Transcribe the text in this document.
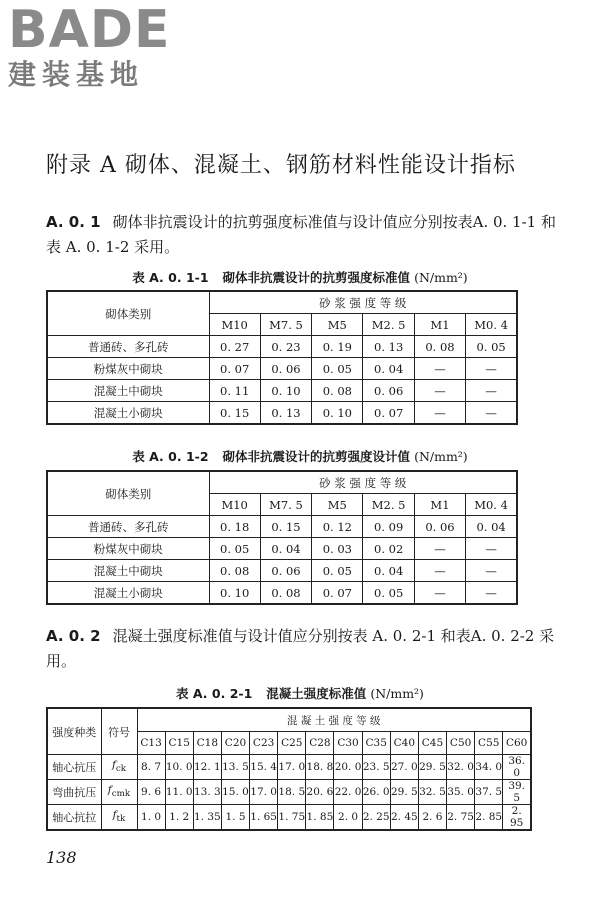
BADE
建装基地
附录 A 砌体、混凝土、钢筋材料性能设计指标
A. 0. 1 砌体非抗震设计的抗剪强度标准值与设计值应分别按表A. 0. 1-1 和表 A. 0. 1-2 采用。
表 A. 0. 1-1 砌体非抗震设计的抗剪强度标准值 (N/mm²)
砌体类别	砂 浆 强 度 等 级					
	M10	M7. 5	M5	M2. 5	M1	M0. 4
普通砖、多孔砖	0. 27	0. 23	0. 19	0. 13	0. 08	0. 05
粉煤灰中砌块	0. 07	0. 06	0. 05	0. 04	—	—
混凝土中砌块	0. 11	0. 10	0. 08	0. 06	—	—
混凝土小砌块	0. 15	0. 13	0. 10	0. 07	—	—
表 A. 0. 1-2 砌体非抗震设计的抗剪强度设计值 (N/mm²)
砌体类别	砂 浆 强 度 等 级					
	M10	M7. 5	M5	M2. 5	M1	M0. 4
普通砖、多孔砖	0. 18	0. 15	0. 12	0. 09	0. 06	0. 04
粉煤灰中砌块	0. 05	0. 04	0. 03	0. 02	—	—
混凝土中砌块	0. 08	0. 06	0. 05	0. 04	—	—
混凝土小砌块	0. 10	0. 08	0. 07	0. 05	—	—
A. 0. 2 混凝土强度标准值与设计值应分别按表 A. 0. 2-1 和表A. 0. 2-2 采用。
表 A. 0. 2-1 混凝土强度标准值 (N/mm²)
强度种类	符号	混 凝 土 强 度 等 级													
		C13	C15	C18	C20	C23	C25	C28	C30	C35	C40	C45	C50	C55	C60
轴心抗压	$f_{ck}$	8. 7	10. 0	12. 1	13. 5	15. 4	17. 0	18. 8	20. 0	23. 5	27. 0	29. 5	32. 0	34. 0	36. 0
弯曲抗压	$f_{cmk}$	9. 6	11. 0	13. 3	15. 0	17. 0	18. 5	20. 6	22. 0	26. 0	29. 5	32. 5	35. 0	37. 5	39. 5
轴心抗拉	$f_{tk}$	1. 0	1. 2	1. 35	1. 5	1. 65	1. 75	1. 85	2. 0	2. 25	2. 45	2. 6	2. 75	2. 85	2. 95
138
